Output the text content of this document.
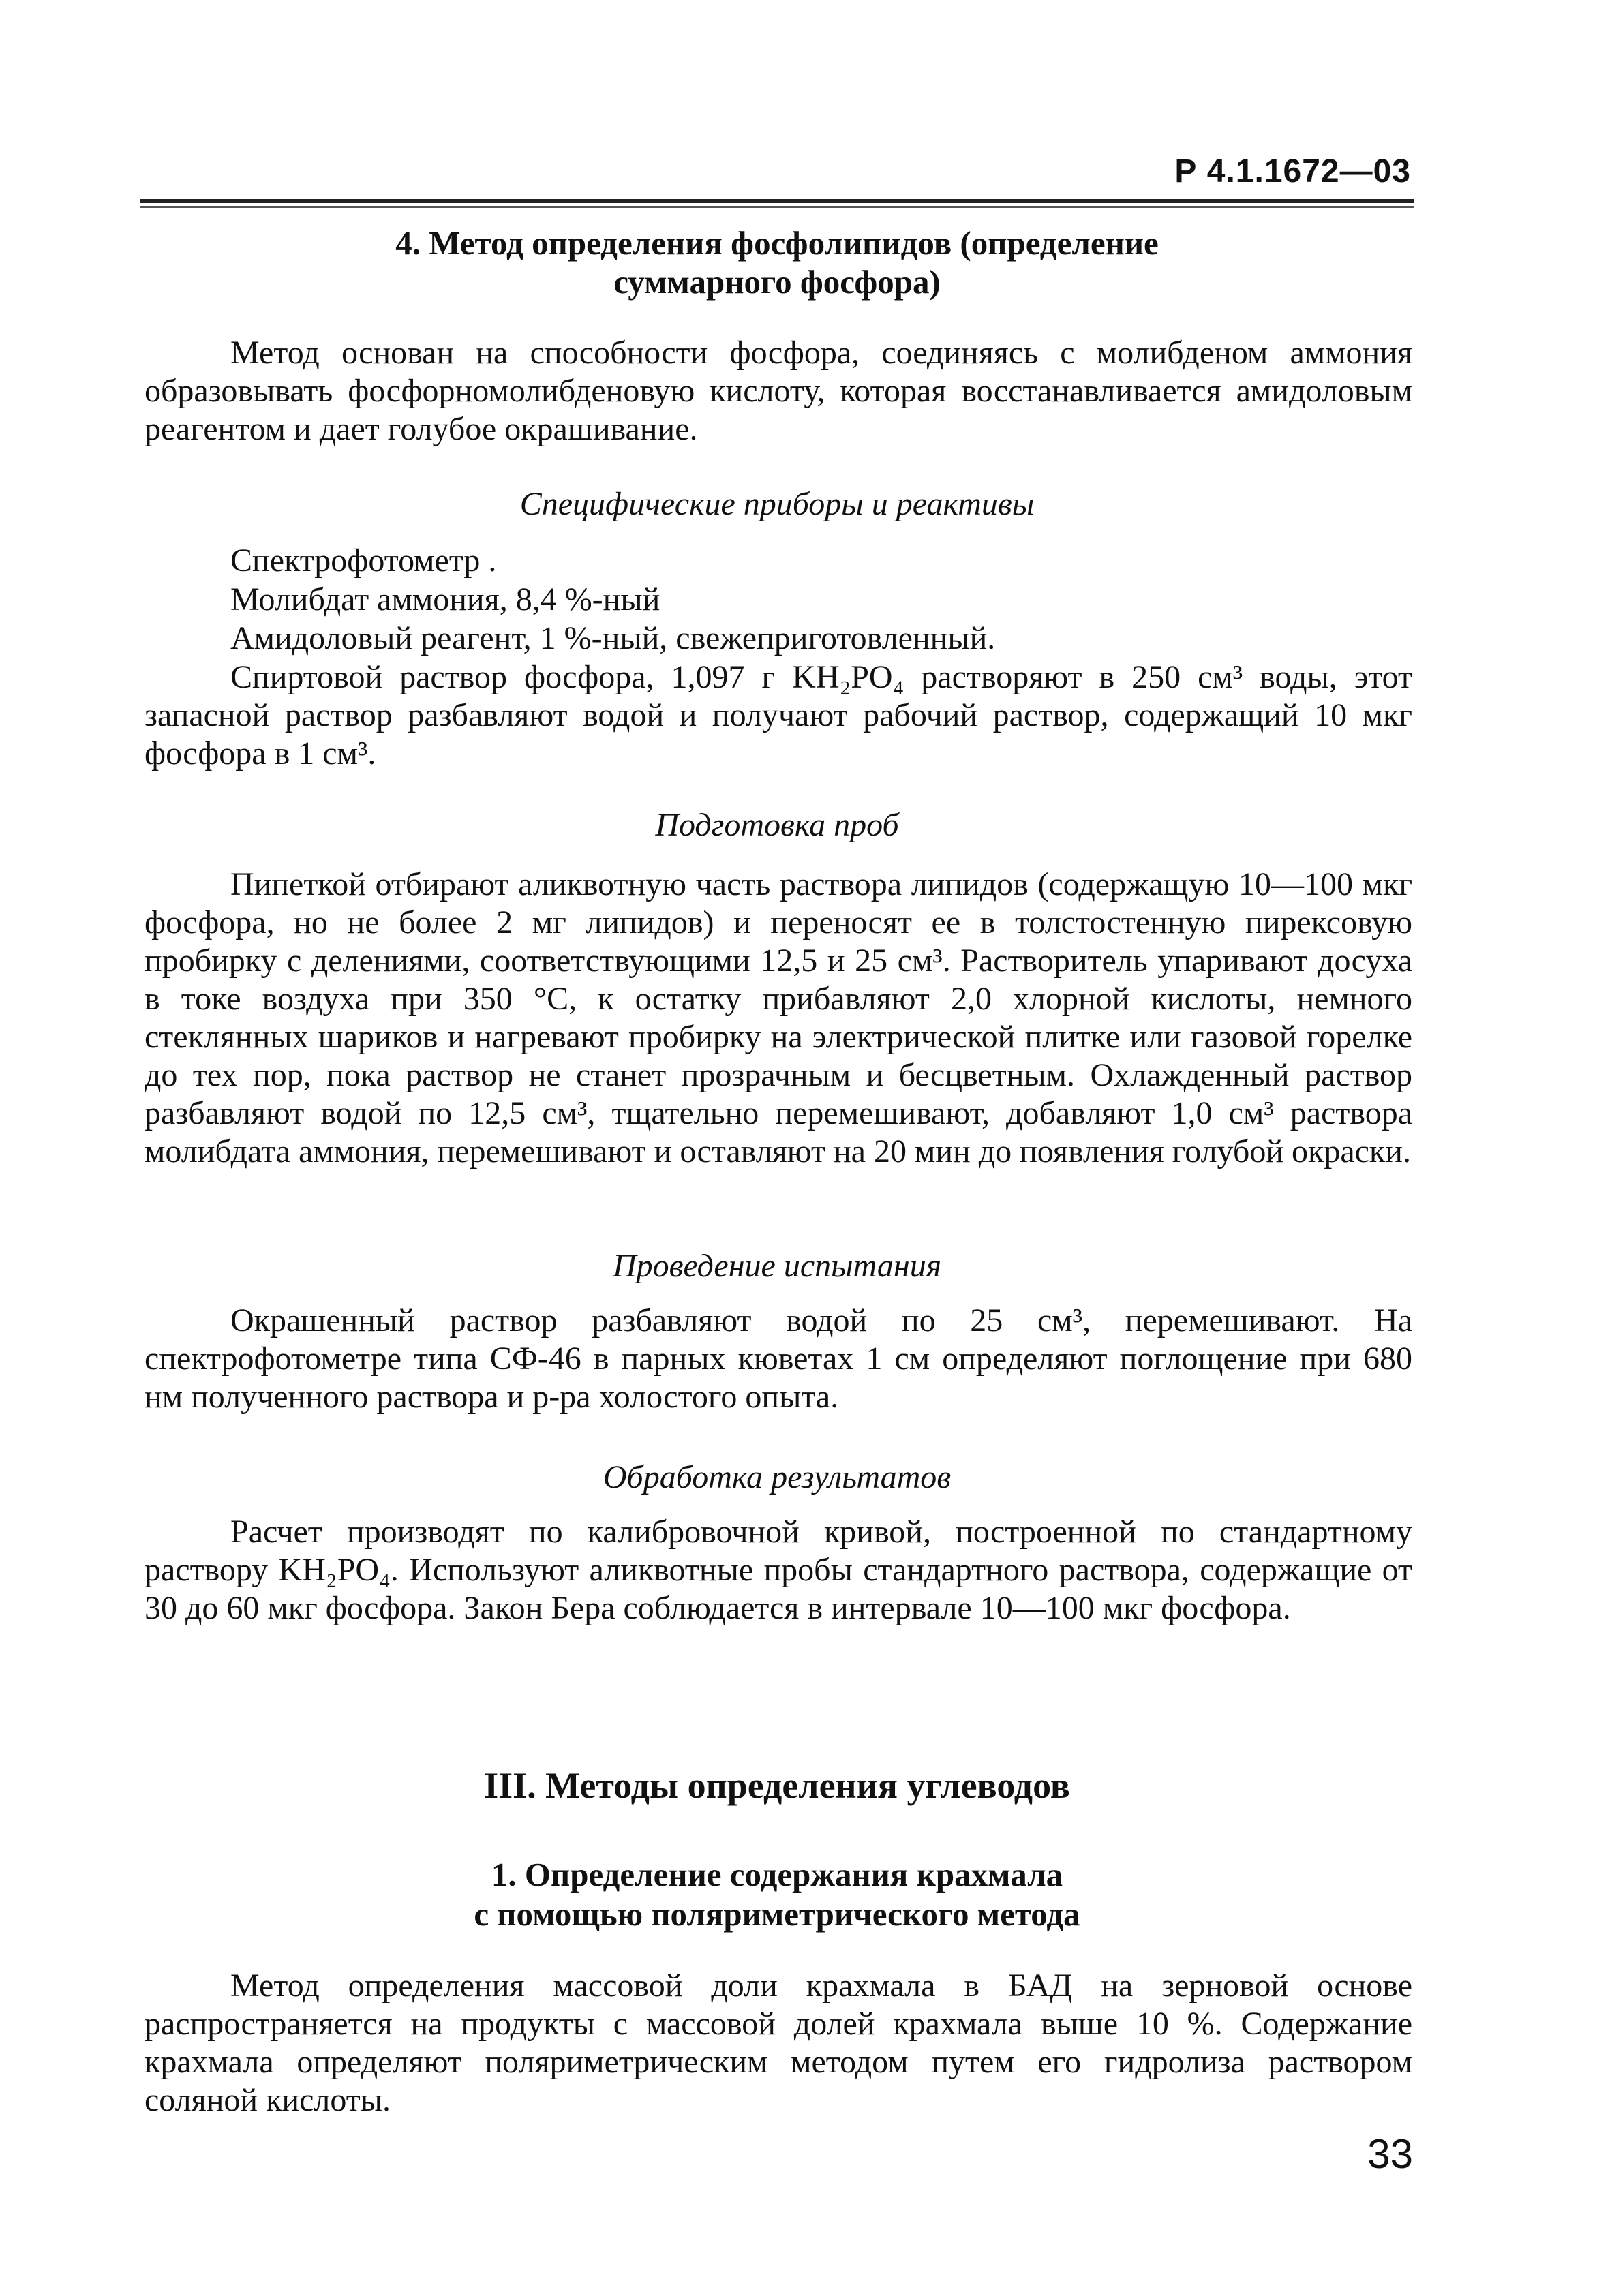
Р 4.1.1672—03

4. Метод определения фосфолипидов (определение

суммарного фосфора)

Метод основан на способности фосфора, соединяясь с молибденом аммония образовывать фосфорномолибденовую кислоту, которая восстанавливается амидоловым реагентом и дает голубое окрашивание.

Специфические приборы и реактивы

Спектрофотометр .

Молибдат аммония, 8,4 %-ный

Амидоловый реагент, 1 %-ный, свежеприготовленный.

Спиртовой раствор фосфора, 1,097 г KH₂PO₄ растворяют в 250 см³ воды, этот запасной раствор разбавляют водой и получают рабочий раствор, содержащий 10 мкг фосфора в 1 см³.

Подготовка проб

Пипеткой отбирают аликвотную часть раствора липидов (содержащую 10—100 мкг фосфора, но не более 2 мг липидов) и переносят ее в толстостенную пирексовую пробирку с делениями, соответствующими 12,5 и 25 см³. Растворитель упаривают досуха в токе воздуха при 350 °С, к остатку прибавляют 2,0 хлорной кислоты, немного стеклянных шариков и нагревают пробирку на электрической плитке или газовой горелке до тех пор, пока раствор не станет прозрачным и бесцветным. Охлажденный раствор разбавляют водой по 12,5 см³, тщательно перемешивают, добавляют 1,0 см³ раствора молибдата аммония, перемешивают и оставляют на 20 мин до появления голубой окраски.

Проведение испытания

Окрашенный раствор разбавляют водой по 25 см³, перемешивают. На спектрофотометре типа СФ-46 в парных кюветах 1 см определяют поглощение при 680 нм полученного раствора и р-ра холостого опыта.

Обработка результатов

Расчет производят по калибровочной кривой, построенной по стандартному раствору KH₂PO₄. Используют аликвотные пробы стандартного раствора, содержащие от 30 до 60 мкг фосфора. Закон Бера соблюдается в интервале 10—100 мкг фосфора.

III. Методы определения углеводов

1. Определение содержания крахмала

с помощью поляриметрического метода

Метод определения массовой доли крахмала в БАД на зерновой основе распространяется на продукты с массовой долей крахмала выше 10 %. Содержание крахмала определяют поляриметрическим методом путем его гидролиза раствором соляной кислоты.

33
